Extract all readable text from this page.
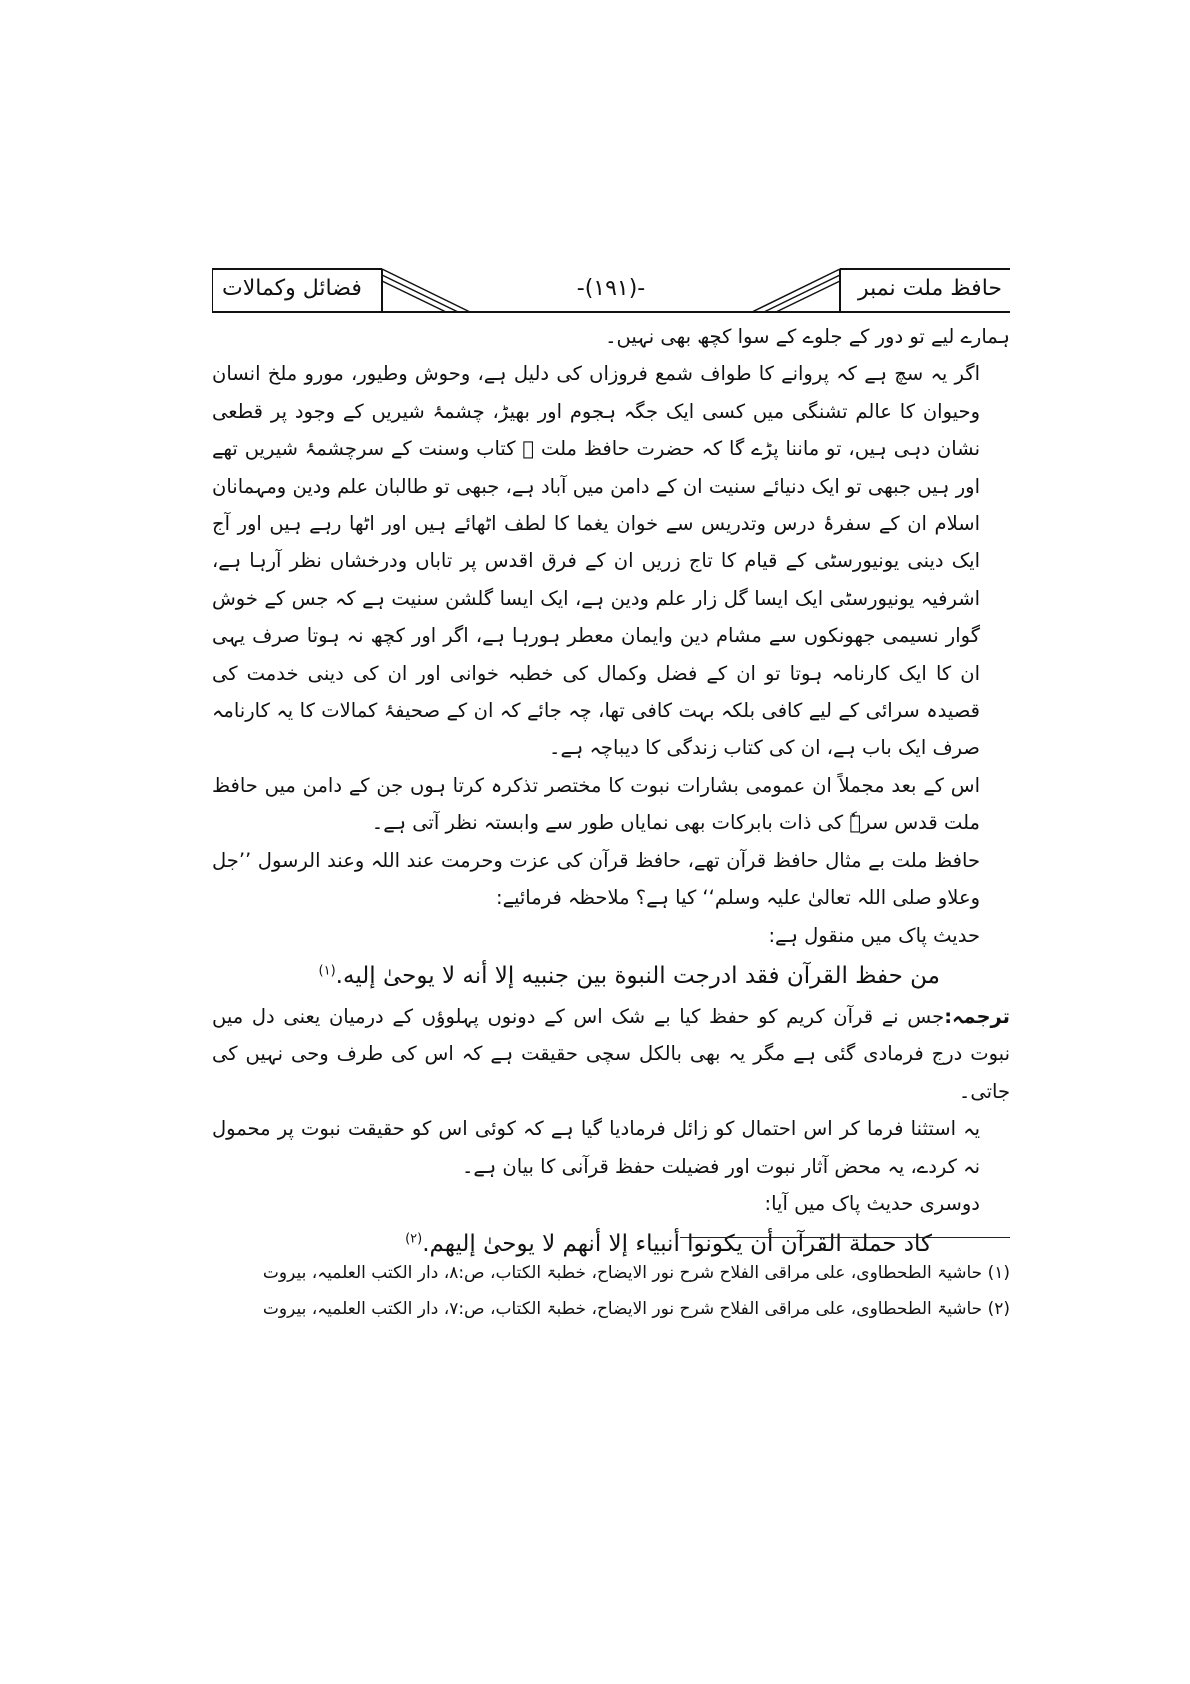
حافظ ملت نمبر
-(۱۹۱)-
فضائل وکمالات

ہمارے لیے تو دور کے جلوے کے سوا کچھ بھی نہیں۔

اگر یہ سچ ہے کہ پروانے کا طواف شمع فروزاں کی دلیل ہے، وحوش وطیور، مورو ملخ انسان وحیوان کا عالم تشنگی میں کسی ایک جگہ ہجوم اور بھیڑ، چشمۂ شیریں کے وجود پر قطعی نشان دہی ہیں، تو ماننا پڑے گا کہ حضرت حافظ ملت ﷫ کتاب وسنت کے سرچشمۂ شیریں تھے اور ہیں جبھی تو ایک دنیائے سنیت ان کے دامن میں آباد ہے، جبھی تو طالبان علم ودین ومہمانان اسلام ان کے سفرۂ درس وتدریس سے خوان یغما کا لطف اٹھائے ہیں اور اٹھا رہے ہیں اور آج ایک دینی یونیورسٹی کے قیام کا تاج زریں ان کے فرق اقدس پر تاباں ودرخشاں نظر آرہا ہے، اشرفیہ یونیورسٹی ایک ایسا گل زار علم ودین ہے، ایک ایسا گلشن سنیت ہے کہ جس کے خوش گوار نسیمی جھونکوں سے مشام دین وایمان معطر ہورہا ہے، اگر اور کچھ نہ ہوتا صرف یہی ان کا ایک کارنامہ ہوتا تو ان کے فضل وکمال کی خطبہ خوانی اور ان کی دینی خدمت کی قصیدہ سرائی کے لیے کافی بلکہ بہت کافی تھا، چہ جائے کہ ان کے صحیفۂ کمالات کا یہ کارنامہ صرف ایک باب ہے، ان کی کتاب زندگی کا دیباچہ ہے۔

اس کے بعد مجملاً ان عمومی بشارات نبوت کا مختصر تذکرہ کرتا ہوں جن کے دامن میں حافظ ملت قدس سرہٗ کی ذات بابرکات بھی نمایاں طور سے وابستہ نظر آتی ہے۔

حافظ ملت بے مثال حافظ قرآن تھے، حافظ قرآن کی عزت وحرمت عند اللہ وعند الرسول ’’جل وعلاو صلی اللہ تعالیٰ علیہ وسلم‘‘ کیا ہے؟ ملاحظہ فرمائیے:

حدیث پاک میں منقول ہے:

من حفظ القرآن فقد ادرجت النبوة بين جنبيه إلا أنه لا يوحىٰ إليه.$^{(۱)}$

ترجمہ:جس نے قرآن کریم کو حفظ کیا بے شک اس کے دونوں پہلوؤں کے درمیان یعنی دل میں نبوت درج فرمادی گئی ہے مگر یہ بھی بالکل سچی حقیقت ہے کہ اس کی طرف وحی نہیں کی جاتی۔

یہ استثنا فرما کر اس احتمال کو زائل فرمادیا گیا ہے کہ کوئی اس کو حقیقت نبوت پر محمول نہ کردے، یہ محض آثار نبوت اور فضیلت حفظ قرآنی کا بیان ہے۔

دوسری حدیث پاک میں آیا:

كاد حملة القرآن أن يكونوا أنبياء إلا أنهم لا يوحىٰ إليهم.$^{(۲)}$

(۱) حاشیۃ الطحطاوی، علی مراقی الفلاح شرح نور الایضاح، خطبۃ الکتاب، ص:۸، دار الکتب العلمیہ، بیروت

(۲) حاشیۃ الطحطاوی، علی مراقی الفلاح شرح نور الایضاح، خطبۃ الکتاب، ص:۷، دار الکتب العلمیہ، بیروت
